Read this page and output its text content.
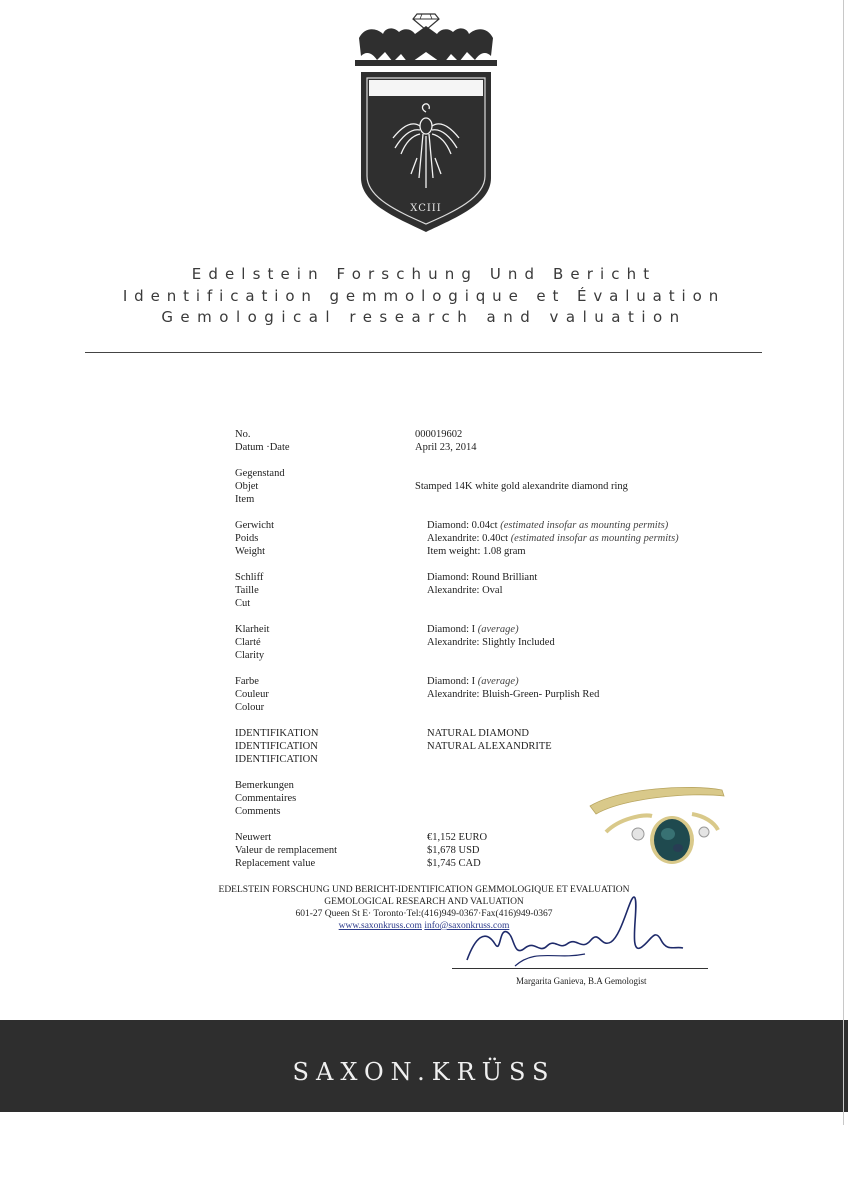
XCIII
Edelstein Forschung Und Bericht
Identification gemmologique et Évaluation
Gemological research and valuation
No.
Datum ·Date
000019602
April 23, 2014
Gegenstand
Objet
Item
Stamped 14K white gold alexandrite diamond ring
Gerwicht
Poids
Weight
Diamond: 0.04ct (estimated insofar as mounting permits)
Alexandrite: 0.40ct (estimated insofar as mounting permits)
Item weight: 1.08 gram
Schliff
Taille
Cut
Diamond: Round Brilliant
Alexandrite: Oval
Klarheit
Clarté
Clarity
Diamond: I (average)
Alexandrite: Slightly Included
Farbe
Couleur
Colour
Diamond: I (average)
Alexandrite: Bluish-Green- Purplish Red
IDENTIFIKATION
IDENTIFICATION
IDENTIFICATION
NATURAL DIAMOND
NATURAL ALEXANDRITE
Bemerkungen
Commentaires
Comments
Neuwert
Valeur de remplacement
Replacement value
€1,152 EURO
$1,678 USD
$1,745 CAD
EDELSTEIN FORSCHUNG UND BERICHT-IDENTIFICATION GEMMOLOGIQUE ET EVALUATION
GEMOLOGICAL RESEARCH AND VALUATION
601-27 Queen St E· Toronto·Tel:(416)949-0367·Fax(416)949-0367
www.saxonkruss.com info@saxonkruss.com
Margarita Ganieva, B.A Gemologist
SAXON.KRÜSS
